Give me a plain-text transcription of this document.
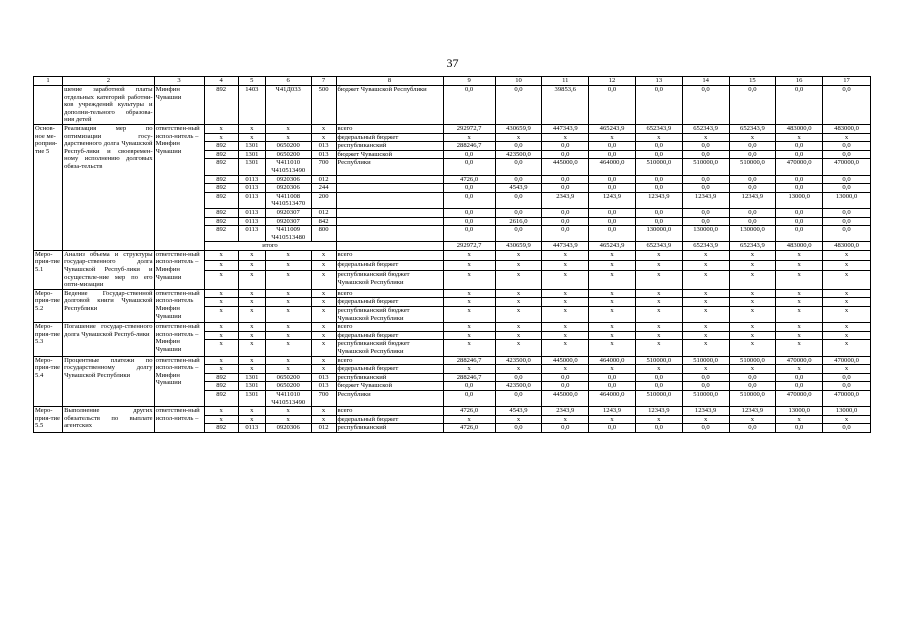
37
1	2	3	4	5	6	7	8	9	10	11	12	13	14	15	16	17
	шение заработной платы отдельных категорий работни-ков учреждений культуры и дополни-тельного образова-ния детей	Минфин Чувашии	892	1403	Ч41Д033	500	бюджет Чувашской Республики	0,0	0,0	39853,6	0,0	0,0	0,0	0,0	0,0	0,0
Основ-ное ме-роприя-тие 5	Реализация мер по оптимизации госу-дарственного долга Чувашской Респуб-лики и своевремен-ному исполнению долговых обяза-тельств	ответствен-ный испол-нитель – Минфин Чувашии	x	x	x	x	всего	292972,7	430659,9	447343,9	465243,9	652343,9	652343,9	652343,9	483000,0	483000,0
			x	x	x	x	федеральный бюджет	x	x	x	x	x	x	x	x	x
			892	1301	0650200	013	республиканский	288246,7	0,0	0,0	0,0	0,0	0,0	0,0	0,0	0,0
			892	1301	0650200	013	бюджет Чувашской	0,0	423500,0	0,0	0,0	0,0	0,0	0,0	0,0	0,0
			892	1301	Ч411010 Ч410513490	700	Республики	0,0	0,0	445000,0	464000,0	510000,0	510000,0	510000,0	470000,0	470000,0
			892	0113	0920306	012		4726,0	0,0	0,0	0,0	0,0	0,0	0,0	0,0	0,0
			892	0113	0920306	244		0,0	4543,9	0,0	0,0	0,0	0,0	0,0	0,0	0,0
			892	0113	Ч411008 Ч410513470	200		0,0	0,0	2343,9	1243,9	12343,9	12343,9	12343,9	13000,0	13000,0
			892	0113	0920307	012		0,0	0,0	0,0	0,0	0,0	0,0	0,0	0,0	0,0
			892	0113	0920307	842		0,0	2616,0	0,0	0,0	0,0	0,0	0,0	0,0	0,0
			892	0113	Ч411009 Ч410513480	800		0,0	0,0	0,0	0,0	130000,0	130000,0	130000,0	0,0	0,0
			итого					292972,7	430659,9	447343,9	465243,9	652343,9	652343,9	652343,9	483000,0	483000,0
Меро-прия-тие 5.1	Анализ объема и структуры государ-ственного долга Чувашской Респуб-лики и осуществле-ние мер по его опти-мизации	ответствен-ный испол-нитель – Минфин Чувашии	x	x	x	x	всего	x	x	x	x	x	x	x	x	x
			x	x	x	x	федеральный бюджет	x	x	x	x	x	x	x	x	x
			x	x	x	x	республиканский бюджет Чувашской Республики	x	x	x	x	x	x	x	x	x
Меро-прия-тие 5.2	Ведение Государ-ственной долговой книги Чувашской Республики	ответствен-ный испол-нитель Минфин Чувашии	x	x	x	x	всего	x	x	x	x	x	x	x	x	x
			x	x	x	x	федеральный бюджет	x	x	x	x	x	x	x	x	x
			x	x	x	x	республиканский бюджет Чувашской Республики	x	x	x	x	x	x	x	x	x
Меро-прия-тие 5.3	Погашение государ-ственного долга Чувашской Респуб-лики	ответствен-ный испол-нитель – Минфин Чувашии	x	x	x	x	всего	x	x	x	x	x	x	x	x	x
			x	x	x	x	федеральный бюджет	x	x	x	x	x	x	x	x	x
			x	x	x	x	республиканский бюджет Чувашской Республики	x	x	x	x	x	x	x	x	x
Меро-прия-тие 5.4	Процентные платежи по государственному долгу Чувашской Республики	ответствен-ный испол-нитель – Минфин Чувашии	x	x	x	x	всего	288246,7	423500,0	445000,0	464000,0	510000,0	510000,0	510000,0	470000,0	470000,0
			x	x	x	x	федеральный бюджет	x	x	x	x	x	x	x	x	x
			892	1301	0650200	013	республиканский	288246,7	0,0	0,0	0,0	0,0	0,0	0,0	0,0	0,0
			892	1301	0650200	013	бюджет Чувашской	0,0	423500,0	0,0	0,0	0,0	0,0	0,0	0,0	0,0
			892	1301	Ч411010 Ч410513490	700	Республики	0,0	0,0	445000,0	464000,0	510000,0	510000,0	510000,0	470000,0	470000,0
Меро-прия-тие 5.5	Выполнение других обязательств по выплате агентских	ответствен-ный испол-нитель –	x	x	x	x	всего	4726,0	4543,9	2343,9	1243,9	12343,9	12343,9	12343,9	13000,0	13000,0
			x	x	x	x	федеральный бюджет	x	x	x	x	x	x	x	x	x
			892	0113	0920306	012	республиканский	4726,0	0,0	0,0	0,0	0,0	0,0	0,0	0,0	0,0
